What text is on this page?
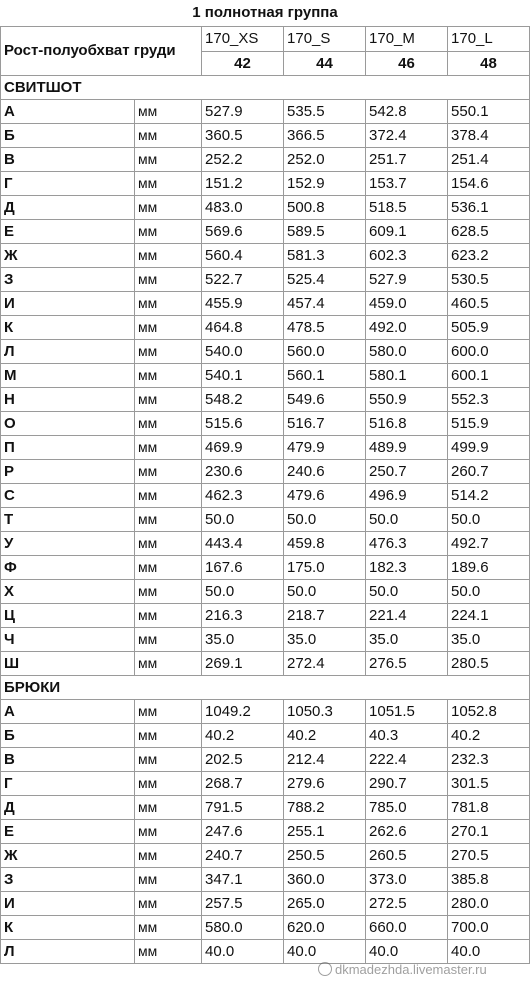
1 полнотная группа
Рост-полуобхват груди		170_XS	170_S	170_M	170_L
		42	44	46	48
СВИТШОТ					
А	мм	527.9	535.5	542.8	550.1
Б	мм	360.5	366.5	372.4	378.4
В	мм	252.2	252.0	251.7	251.4
Г	мм	151.2	152.9	153.7	154.6
Д	мм	483.0	500.8	518.5	536.1
Е	мм	569.6	589.5	609.1	628.5
Ж	мм	560.4	581.3	602.3	623.2
З	мм	522.7	525.4	527.9	530.5
И	мм	455.9	457.4	459.0	460.5
К	мм	464.8	478.5	492.0	505.9
Л	мм	540.0	560.0	580.0	600.0
М	мм	540.1	560.1	580.1	600.1
Н	мм	548.2	549.6	550.9	552.3
О	мм	515.6	516.7	516.8	515.9
П	мм	469.9	479.9	489.9	499.9
Р	мм	230.6	240.6	250.7	260.7
С	мм	462.3	479.6	496.9	514.2
Т	мм	50.0	50.0	50.0	50.0
У	мм	443.4	459.8	476.3	492.7
Ф	мм	167.6	175.0	182.3	189.6
Х	мм	50.0	50.0	50.0	50.0
Ц	мм	216.3	218.7	221.4	224.1
Ч	мм	35.0	35.0	35.0	35.0
Ш	мм	269.1	272.4	276.5	280.5
БРЮКИ					
А	мм	1049.2	1050.3	1051.5	1052.8
Б	мм	40.2	40.2	40.3	40.2
В	мм	202.5	212.4	222.4	232.3
Г	мм	268.7	279.6	290.7	301.5
Д	мм	791.5	788.2	785.0	781.8
Е	мм	247.6	255.1	262.6	270.1
Ж	мм	240.7	250.5	260.5	270.5
З	мм	347.1	360.0	373.0	385.8
И	мм	257.5	265.0	272.5	280.0
К	мм	580.0	620.0	660.0	700.0
Л	мм	40.0	40.0	40.0	40.0
dkmadezhda.livemaster.ru
